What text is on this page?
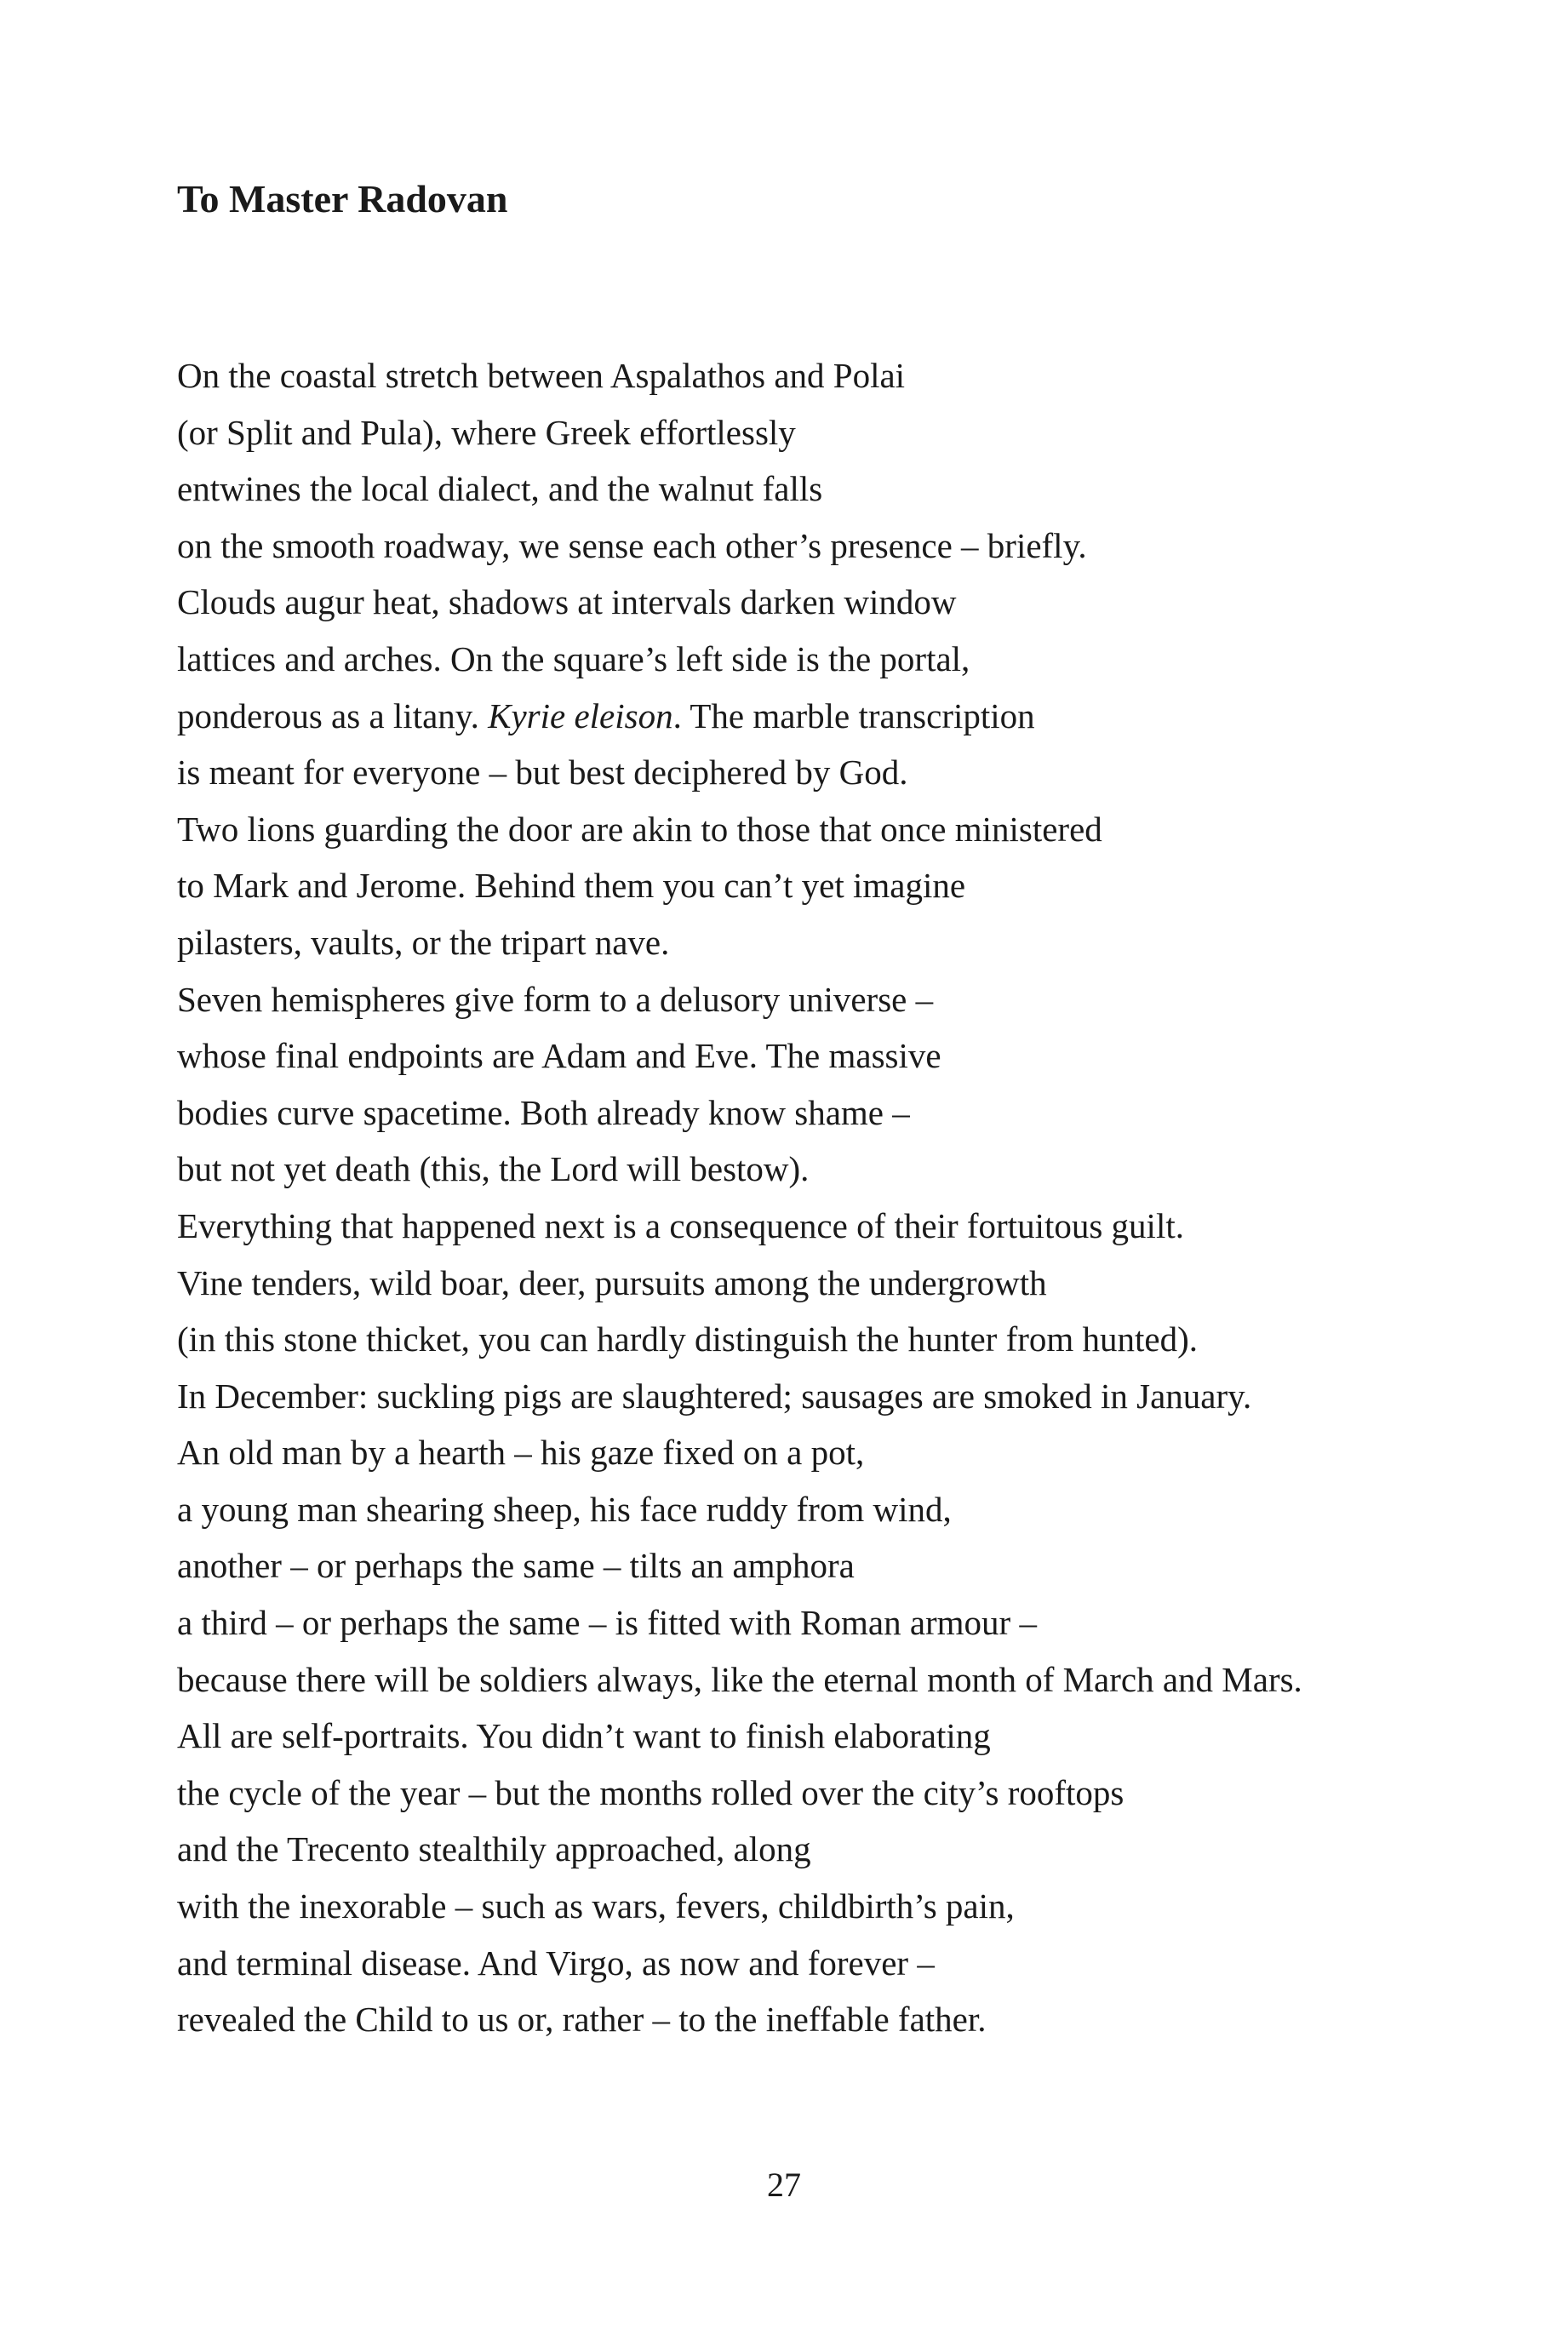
To Master Radovan
On the coastal stretch between Aspalathos and Polai
(or Split and Pula), where Greek effortlessly
entwines the local dialect, and the walnut falls
on the smooth roadway, we sense each other’s presence – briefly.
Clouds augur heat, shadows at intervals darken window
lattices and arches. On the square’s left side is the portal,
ponderous as a litany. Kyrie eleison. The marble transcription
is meant for everyone – but best deciphered by God.
Two lions guarding the door are akin to those that once ministered
to Mark and Jerome. Behind them you can’t yet imagine
pilasters, vaults, or the tripart nave.
Seven hemispheres give form to a delusory universe –
whose final endpoints are Adam and Eve. The massive
bodies curve spacetime. Both already know shame –
but not yet death (this, the Lord will bestow).
Everything that happened next is a consequence of their fortuitous guilt.
Vine tenders, wild boar, deer, pursuits among the undergrowth
(in this stone thicket, you can hardly distinguish the hunter from hunted).
In December: suckling pigs are slaughtered; sausages are smoked in January.
An old man by a hearth – his gaze fixed on a pot,
a young man shearing sheep, his face ruddy from wind,
another – or perhaps the same – tilts an amphora
a third – or perhaps the same – is fitted with Roman armour –
because there will be soldiers always, like the eternal month of March and Mars.
All are self-portraits. You didn’t want to finish elaborating
the cycle of the year – but the months rolled over the city’s rooftops
and the Trecento stealthily approached, along
with the inexorable – such as wars, fevers, childbirth’s pain,
and terminal disease. And Virgo, as now and forever –
revealed the Child to us or, rather – to the ineffable father.
27
